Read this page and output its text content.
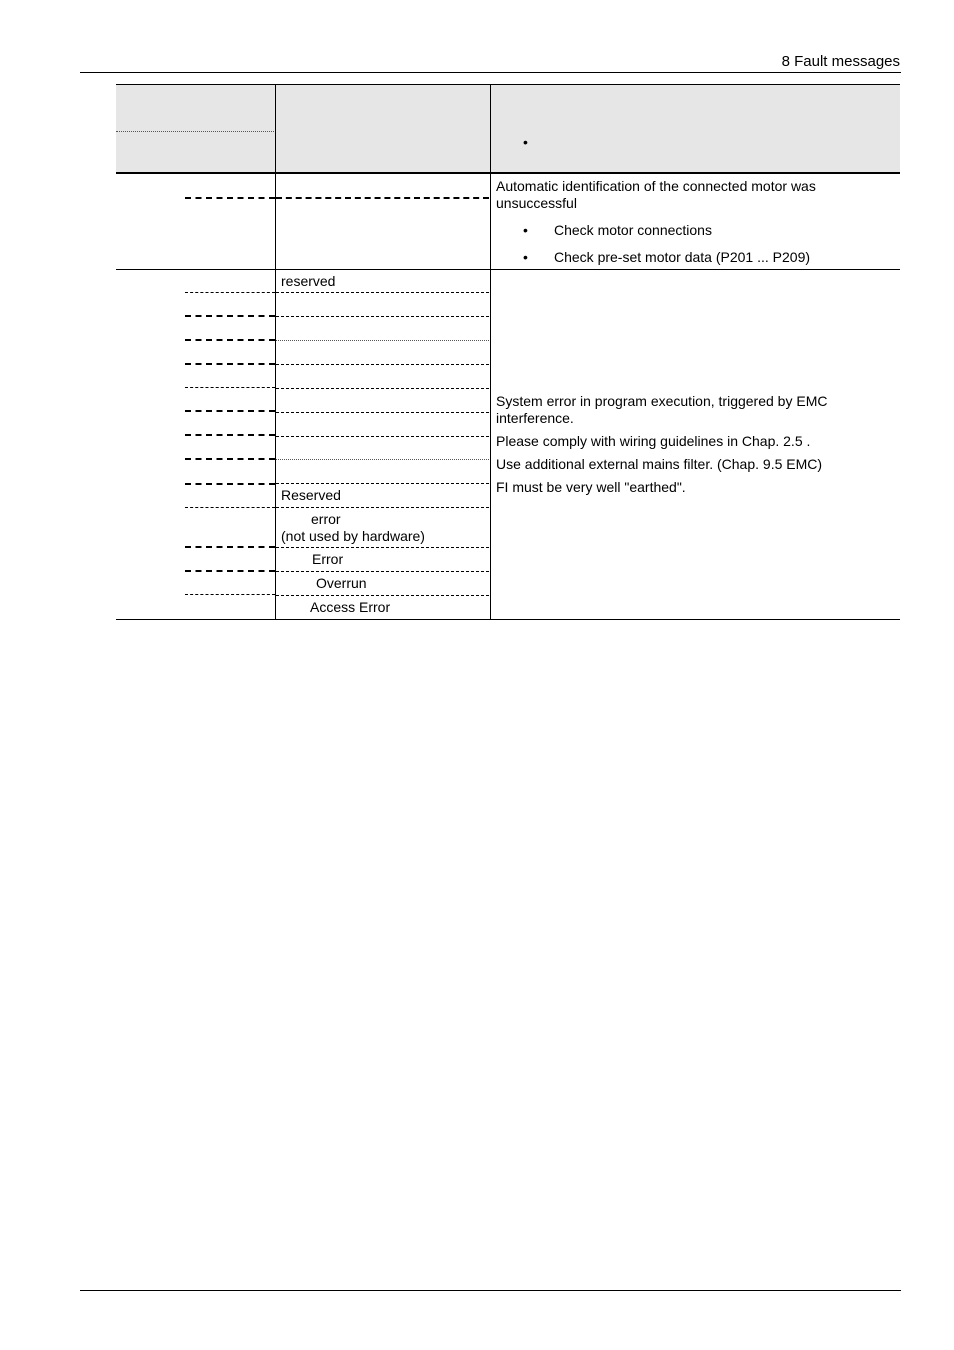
8 Fault messages
•
Automatic identification of the connected motor was unsuccessful
• Check motor connections
• Check pre-set motor data (P201 ... P209)
reserved
Reserved
error
(not used by hardware)
Error
Overrun
Access Error
System error in program execution, triggered by EMC interference.
Please comply with wiring guidelines in Chap. 2.5 .
Use additional external mains filter. (Chap. 9.5 EMC)
FI must be very well "earthed".
